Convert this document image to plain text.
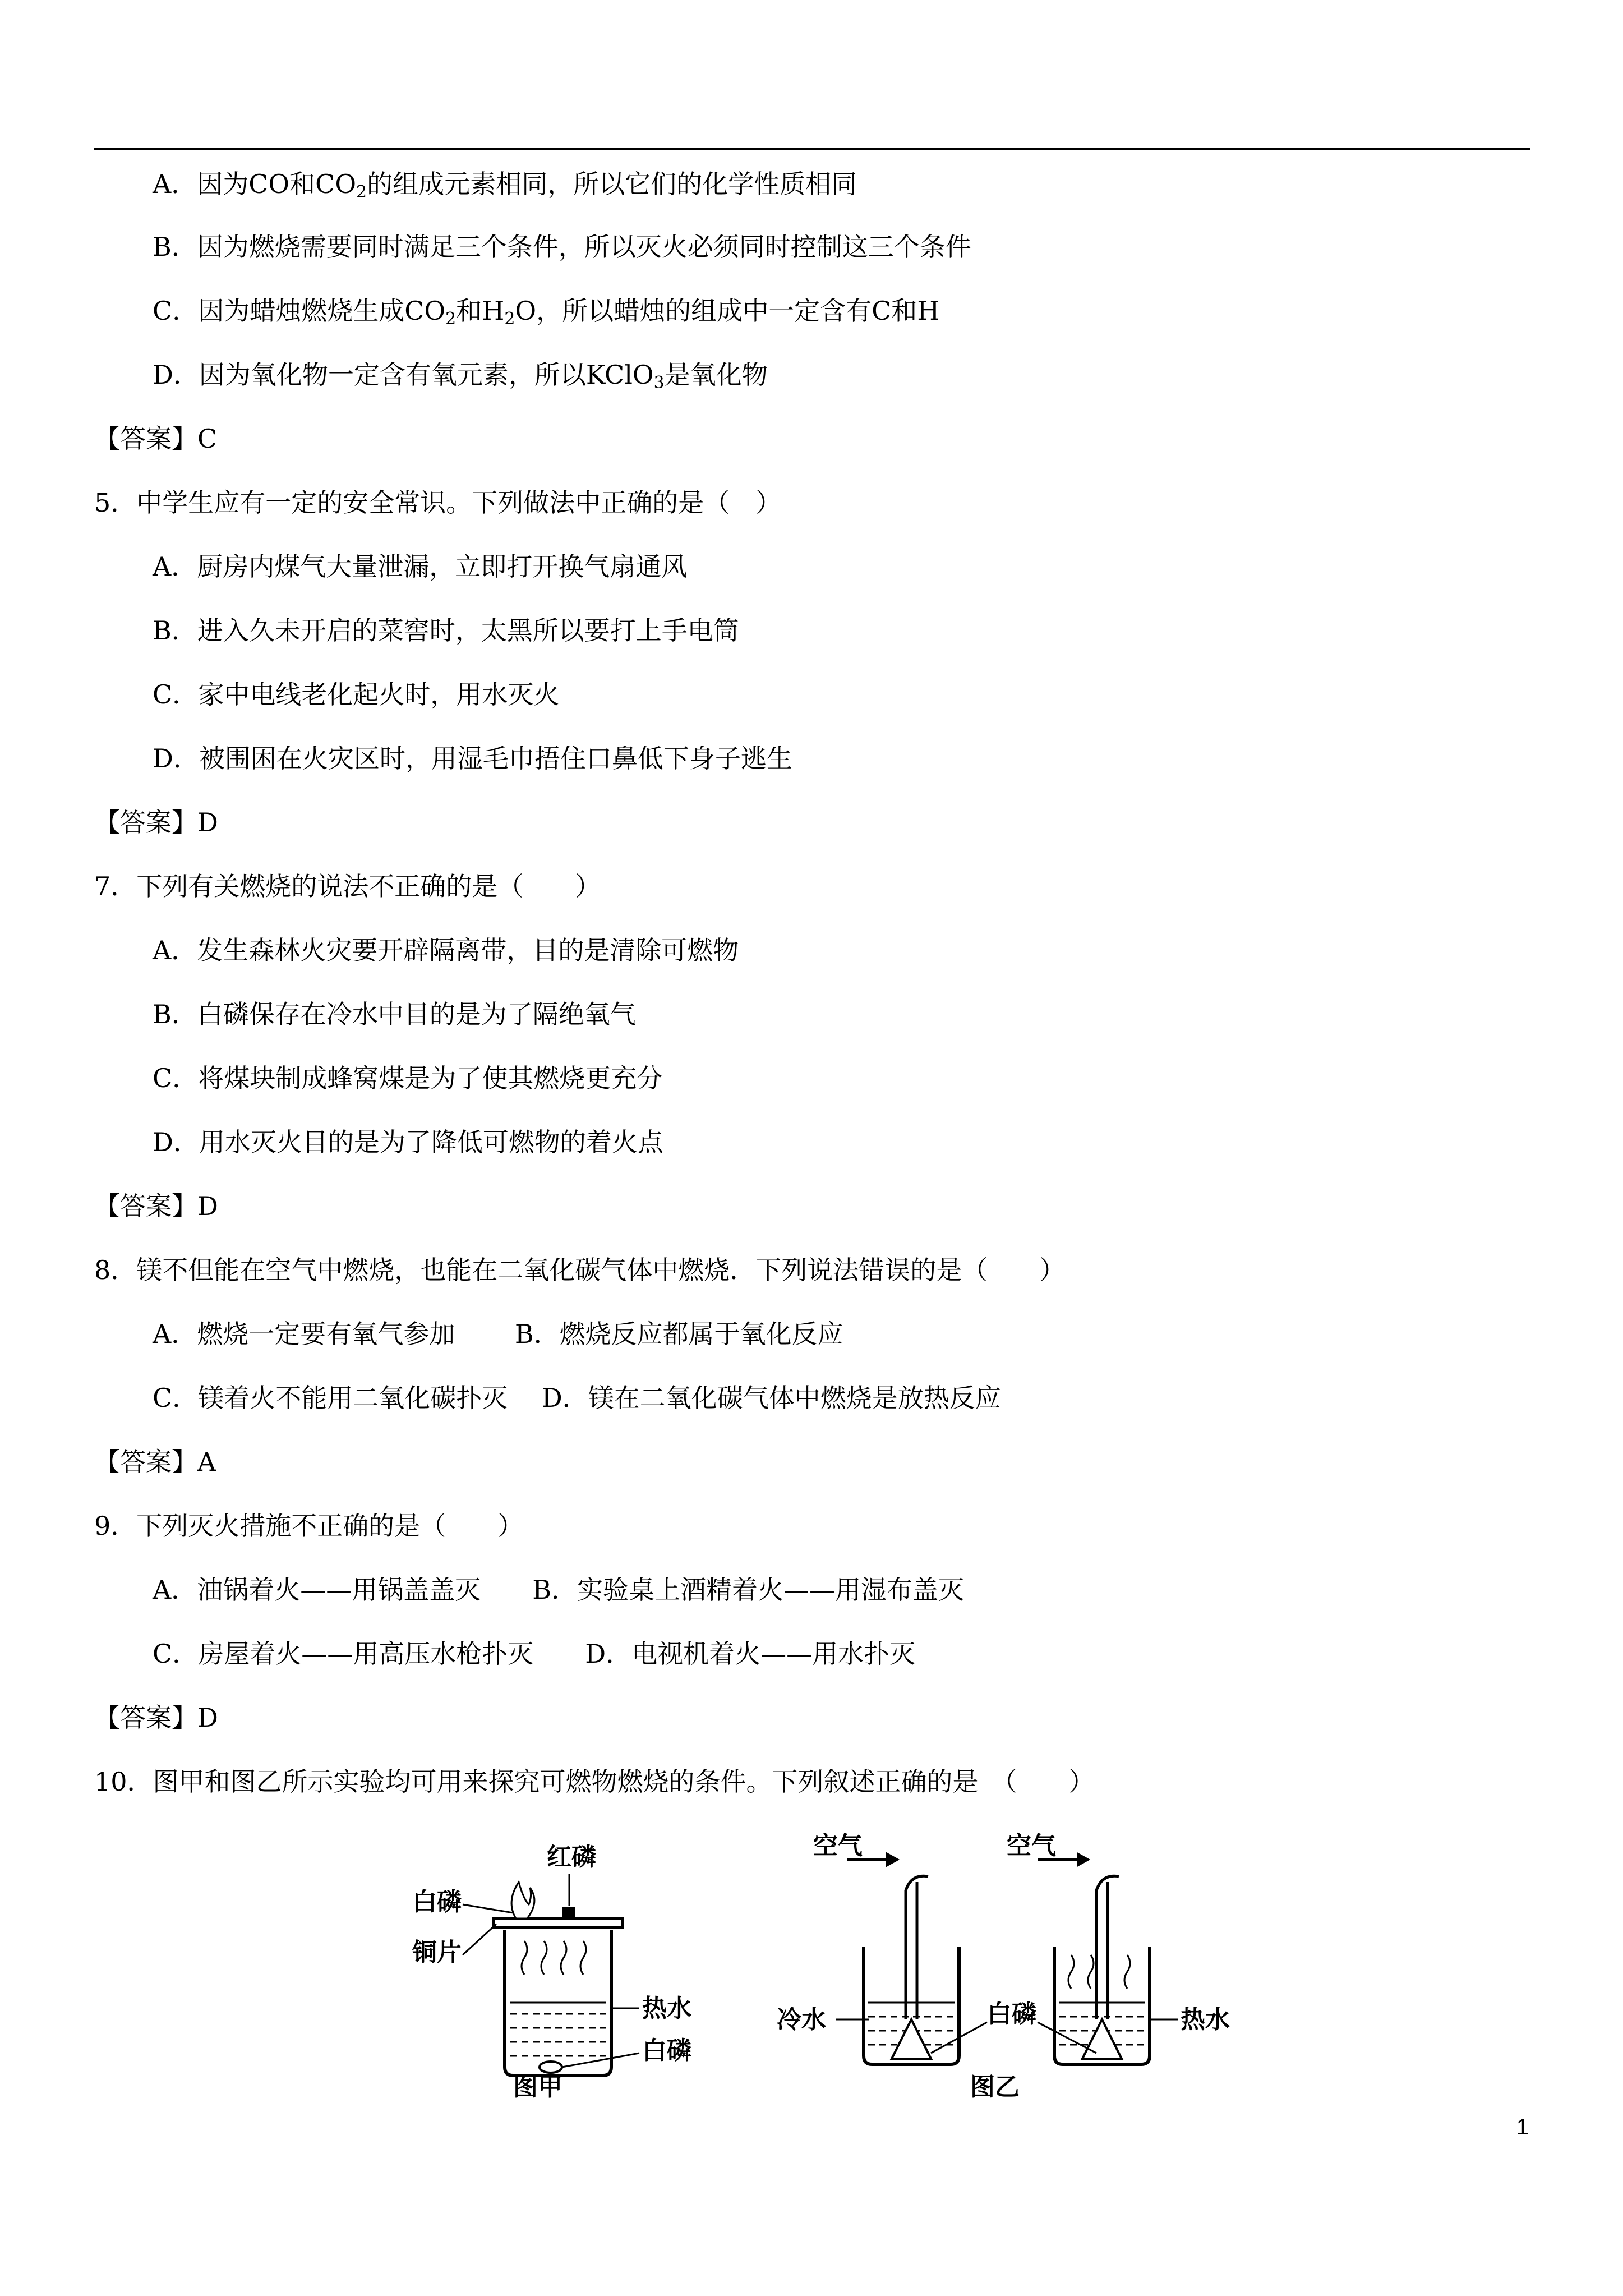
A．因为CO和$CO_2$的组成元素相同，所以它们的化学性质相同
B．因为燃烧需要同时满足三个条件，所以灭火必须同时控制这三个条件
C．因为蜡烛燃烧生成$CO_2$和$H_2O$，所以蜡烛的组成中一定含有C和H
D．因为氧化物一定含有氧元素，所以KClO$_3$是氧化物
【答案】C
5．中学生应有一定的安全常识。下列做法中正确的是（　）
A．厨房内煤气大量泄漏，立即打开换气扇通风
B．进入久未开启的菜窖时，太黑所以要打上手电筒
C．家中电线老化起火时，用水灭火
D．被围困在火灾区时，用湿毛巾捂住口鼻低下身子逃生
【答案】D
7．下列有关燃烧的说法不正确的是（　　）
A．发生森林火灾要开辟隔离带，目的是清除可燃物
B．白磷保存在冷水中目的是为了隔绝氧气
C．将煤块制成蜂窝煤是为了使其燃烧更充分
D．用水灭火目的是为了降低可燃物的着火点
【答案】D
8．镁不但能在空气中燃烧，也能在二氧化碳气体中燃烧．下列说法错误的是（　　）
A．燃烧一定要有氧气参加　　 B．燃烧反应都属于氧化反应
C．镁着火不能用二氧化碳扑灭　 D．镁在二氧化碳气体中燃烧是放热反应
【答案】A
9．下列灭火措施不正确的是（　　）
A．油锅着火——用锅盖盖灭　　B．实验桌上酒精着火——用湿布盖灭
C．房屋着火——用高压水枪扑灭　　D．电视机着火——用水扑灭
【答案】D
10．图甲和图乙所示实验均可用来探究可燃物燃烧的条件。下列叙述正确的是　（　　）
红磷
白磷
铜片
热水
白磷
图甲
空气	空气
冷水	白磷	热水
图乙
1
